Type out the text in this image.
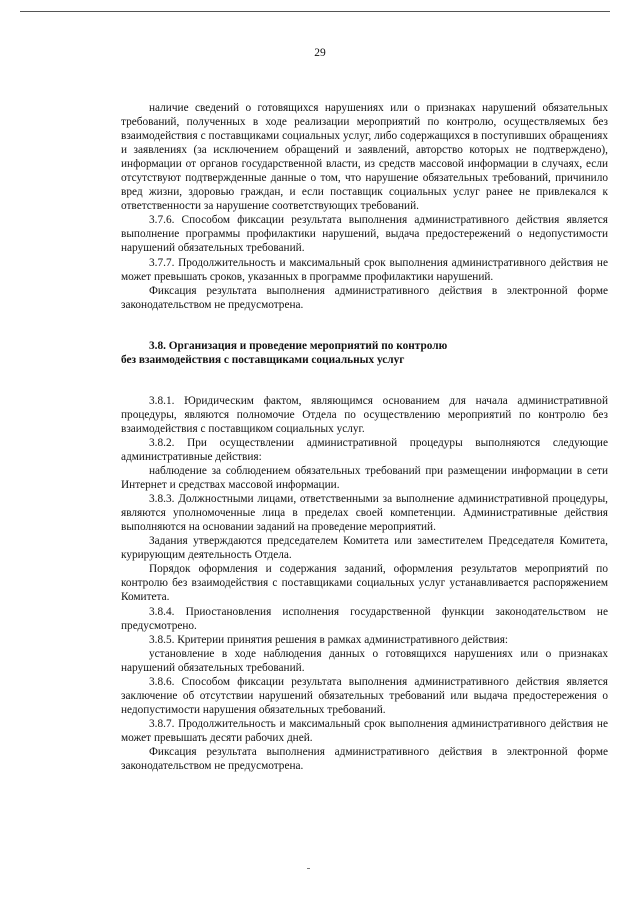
29

наличие сведений о готовящихся нарушениях или о признаках нарушений обязательных требований, полученных в ходе реализации мероприятий по контролю, осуществляемых без взаимодействия с поставщиками социальных услуг, либо содержащихся в поступивших обращениях и заявлениях (за исключением обращений и заявлений, авторство которых не подтверждено), информации от органов государственной власти, из средств массовой информации в случаях, если отсутствуют подтвержденные данные о том, что нарушение обязательных требований, причинило вред жизни, здоровью граждан, и если поставщик социальных услуг ранее не привлекался к ответственности за нарушение соответствующих требований.

3.7.6. Способом фиксации результата выполнения административного действия является выполнение программы профилактики нарушений, выдача предостережений о недопустимости нарушений обязательных требований.

3.7.7. Продолжительность и максимальный срок выполнения административного действия не может превышать сроков, указанных в программе профилактики нарушений.

Фиксация результата выполнения административного действия в электронной форме законодательством не предусмотрена.

3.8. Организация и проведение мероприятий по контролю
без взаимодействия с поставщиками социальных услуг

3.8.1. Юридическим фактом, являющимся основанием для начала административной процедуры, являются полномочие Отдела по осуществлению мероприятий по контролю без взаимодействия с поставщиком социальных услуг.

3.8.2. При осуществлении административной процедуры выполняются следующие административные действия:

наблюдение за соблюдением обязательных требований при размещении информации в сети Интернет и средствах массовой информации.

3.8.3. Должностными лицами, ответственными за выполнение административной процедуры, являются уполномоченные лица в пределах своей компетенции. Административные действия выполняются на основании заданий на проведение мероприятий.

Задания утверждаются председателем Комитета или заместителем Председателя Комитета, курирующим деятельность Отдела.

Порядок оформления и содержания заданий, оформления результатов мероприятий по контролю без взаимодействия с поставщиками социальных услуг устанавливается распоряжением Комитета.

3.8.4. Приостановления исполнения государственной функции законодательством не предусмотрено.

3.8.5. Критерии принятия решения в рамках административного действия:

установление в ходе наблюдения данных о готовящихся нарушениях или о признаках нарушений обязательных требований.

3.8.6. Способом фиксации результата выполнения административного действия является заключение об отсутствии нарушений обязательных требований или выдача предостережения о недопустимости нарушения обязательных требований.

3.8.7. Продолжительность и максимальный срок выполнения административного действия не может превышать десяти рабочих дней.

Фиксация результата выполнения административного действия в электронной форме законодательством не предусмотрена.
